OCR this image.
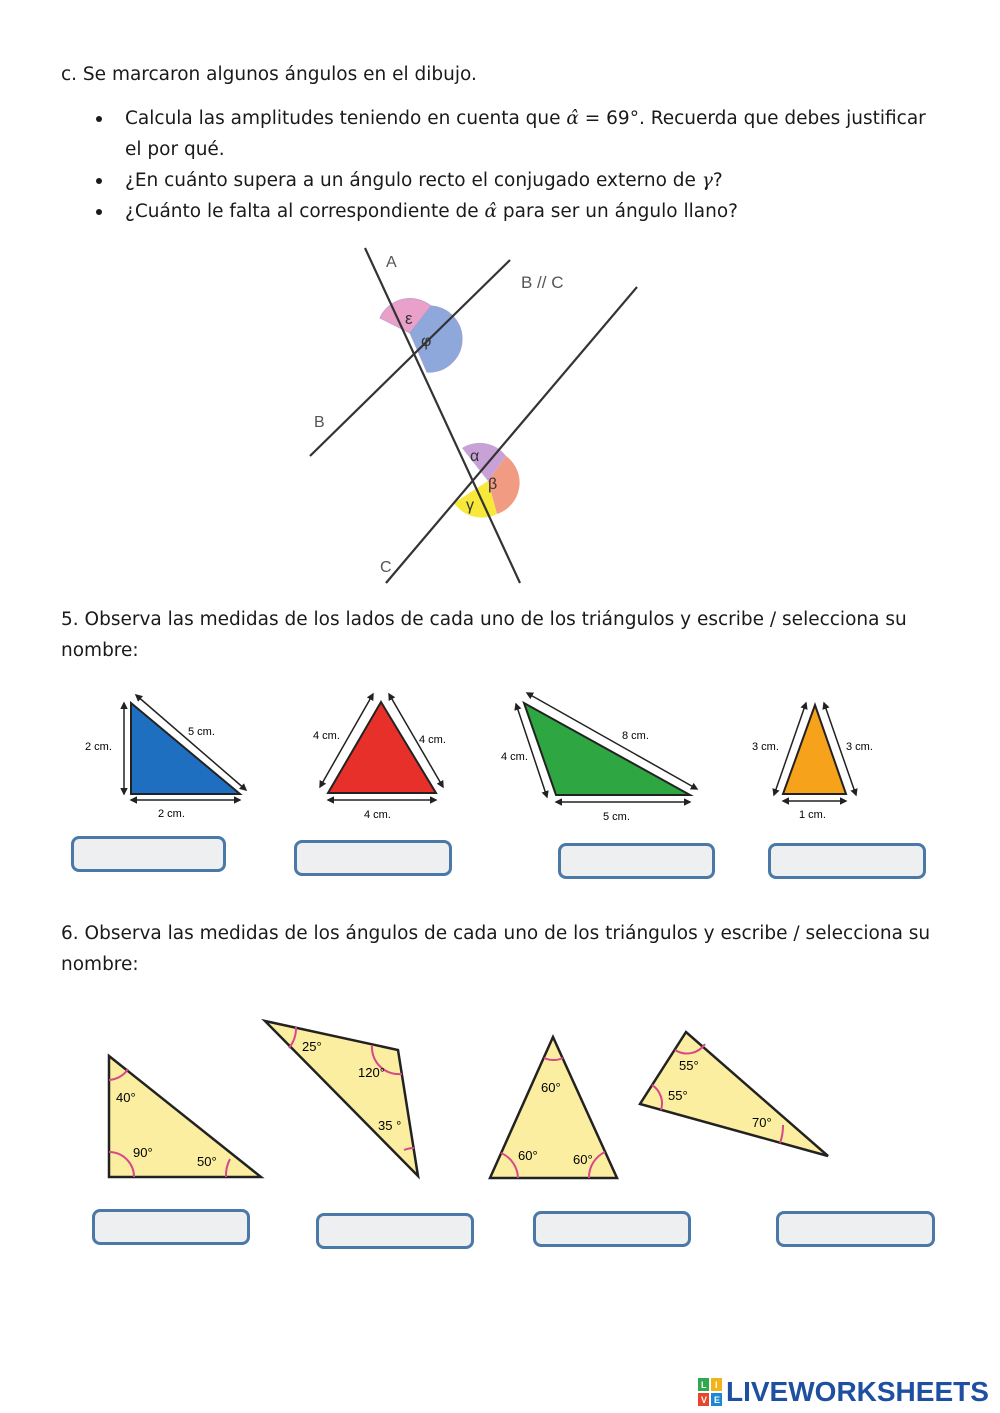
c. Se marcaron algunos ángulos en el dibujo.
Calcula las amplitudes teniendo en cuenta que α̂ = 69°. Recuerda que debes justificar el por qué.
¿En cuánto supera a un ángulo recto el conjugado externo de γ?
¿Cuánto le falta al correspondiente de α̂ para ser un ángulo llano?
A
B
C
B // C
ε
φ
α
β
γ
5. Observa las medidas de los lados de cada uno de los triángulos y escribe / selecciona su nombre:
2 cm.
5 cm.
2 cm.
4 cm.	4 cm.
4 cm.
4 cm.
8 cm.
5 cm.
3 cm.	3 cm.
1 cm.
6. Observa las medidas de los ángulos de cada uno de los triángulos y escribe / selecciona su nombre:
40°
90°
50°
25°
120°
35 °
60°
60°	60°
55°
55°
70°
L I
V E LIVEWORKSHEETS
